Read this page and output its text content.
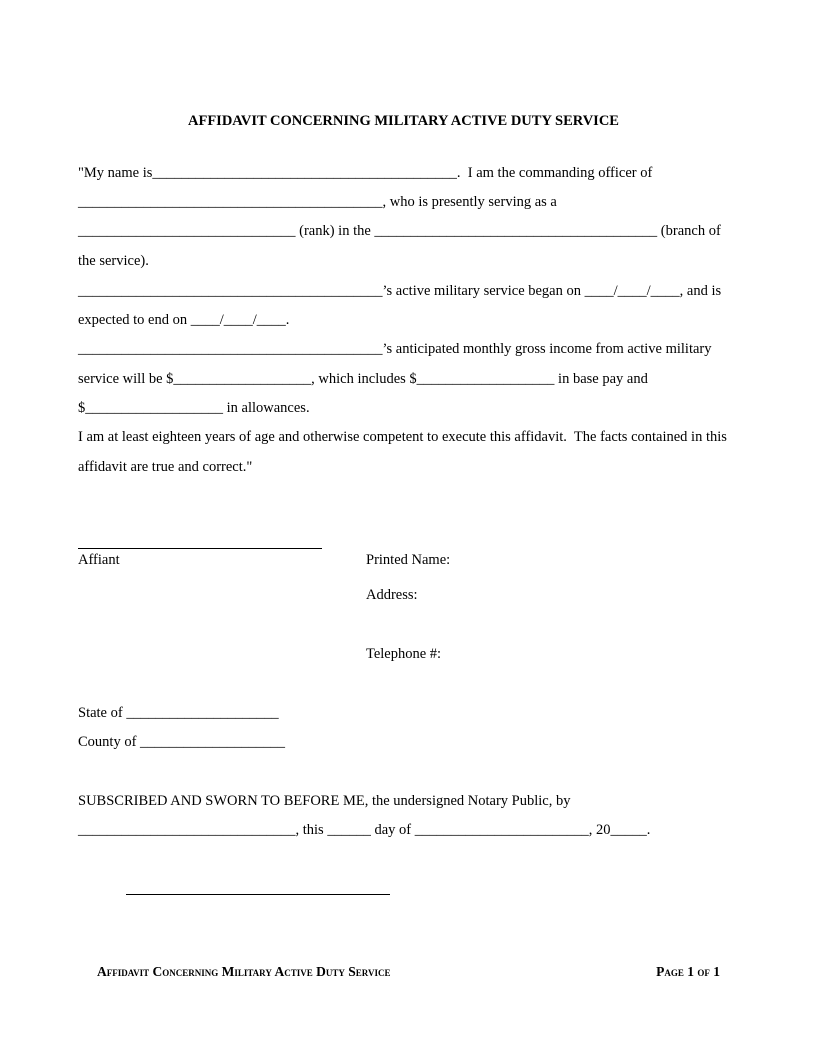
AFFIDAVIT CONCERNING MILITARY ACTIVE DUTY SERVICE
"My name is__________________________________________.  I am the commanding officer of
__________________________________________, who is presently serving as a
______________________________ (rank) in the _______________________________________ (branch of
the service).
__________________________________________’s active military service began on ____/____/____, and is
expected to end on ____/____/____.
__________________________________________’s anticipated monthly gross income from active military
service will be $___________________, which includes $___________________ in base pay and
$___________________ in allowances.
I am at least eighteen years of age and otherwise competent to execute this affidavit.  The facts contained in this
affidavit are true and correct."
Affiant	Printed Name:
Address:
Telephone #:
State of _____________________
County of ____________________
SUBSCRIBED AND SWORN TO BEFORE ME, the undersigned Notary Public, by
______________________________, this ______ day of ________________________, 20_____.
Affidavit Concerning Military Active Duty Service	Page 1 of 1
